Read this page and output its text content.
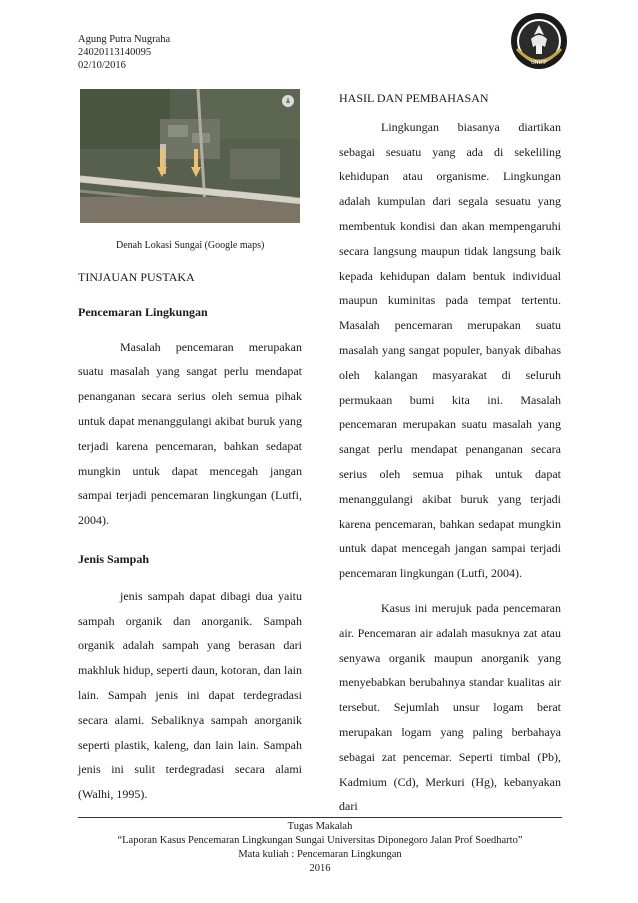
Agung Putra Nugraha
24020113140095
02/10/2016	UNDIP
Denah Lokasi Sungai (Google maps)

TINJAUAN PUSTAKA

Pencemaran Lingkungan

Masalah pencemaran merupakan suatu masalah yang sangat perlu mendapat penanganan secara serius oleh semua pihak untuk dapat menanggulangi akibat buruk yang terjadi karena pencemaran, bahkan sedapat mungkin untuk dapat mencegah jangan sampai terjadi pencemaran lingkungan (Lutfi, 2004).

Jenis Sampah

jenis sampah dapat dibagi dua yaitu sampah organik dan anorganik. Sampah organik adalah sampah yang berasan dari makhluk hidup, seperti daun, kotoran, dan lain lain. Sampah jenis ini dapat terdegradasi secara alami. Sebaliknya sampah anorganik seperti plastik, kaleng, dan lain lain. Sampah jenis ini sulit terdegradasi secara alami (Walhi, 1995).

HASIL DAN PEMBAHASAN

Lingkungan biasanya diartikan sebagai sesuatu yang ada di sekeliling kehidupan atau organisme. Lingkungan adalah kumpulan dari segala sesuatu yang membentuk kondisi dan akan mempengaruhi secara langsung maupun tidak langsung baik kepada kehidupan dalam bentuk individual maupun kuminitas pada tempat tertentu. Masalah pencemaran merupakan suatu masalah yang sangat populer, banyak dibahas oleh kalangan masyarakat di seluruh permukaan bumi kita ini. Masalah pencemaran merupakan suatu masalah yang sangat perlu mendapat penanganan secara serius oleh semua pihak untuk dapat menanggulangi akibat buruk yang terjadi karena pencemaran, bahkan sedapat mungkin untuk dapat mencegah jangan sampai terjadi pencemaran lingkungan (Lutfi, 2004).

Kasus ini merujuk pada pencemaran air. Pencemaran air adalah masuknya zat atau senyawa organik maupun anorganik yang menyebabkan berubahnya standar kualitas air tersebut. Sejumlah unsur logam berat merupakan logam yang paling berbahaya sebagai zat pencemar. Seperti timbal (Pb), Kadmium (Cd), Merkuri (Hg), kebanyakan dari

Tugas Makalah
“Laporan Kasus Pencemaran Lingkungan Sungai Universitas Diponegoro Jalan Prof Soedharto”
Mata kuliah : Pencemaran Lingkungan
2016
